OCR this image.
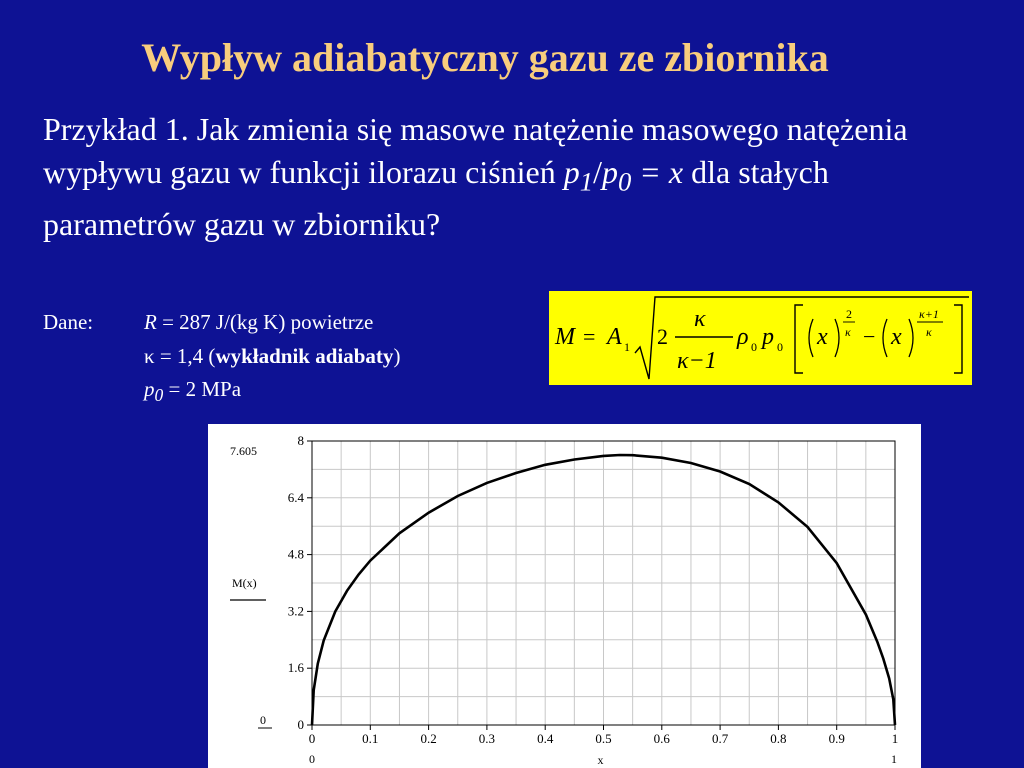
Wypływ adiabatyczny gazu ze zbiornika
Przykład 1. Jak zmienia się masowe natężenie masowego natężenia wypływu gazu w funkcji ilorazu ciśnień $p_1/p_0 = x$ dla stałych parametrów gazu w zbiorniku?
Dane: R = 287 J/(kg K) powietrze
κ = 1,4 (wykładnik adiabaty)
$p_0 = 2$ MPa
M = A 1 2
κ
κ−1
ρ 0 p 0 x
2
κ − x
κ+1
κ
0
1.6
3.2
4.8
6.4
8
0	0.1	0.2	0.3	0.4	0.5	0.6	0.7	0.8	0.9	1
7.605
0
0	1
M(x)
x
